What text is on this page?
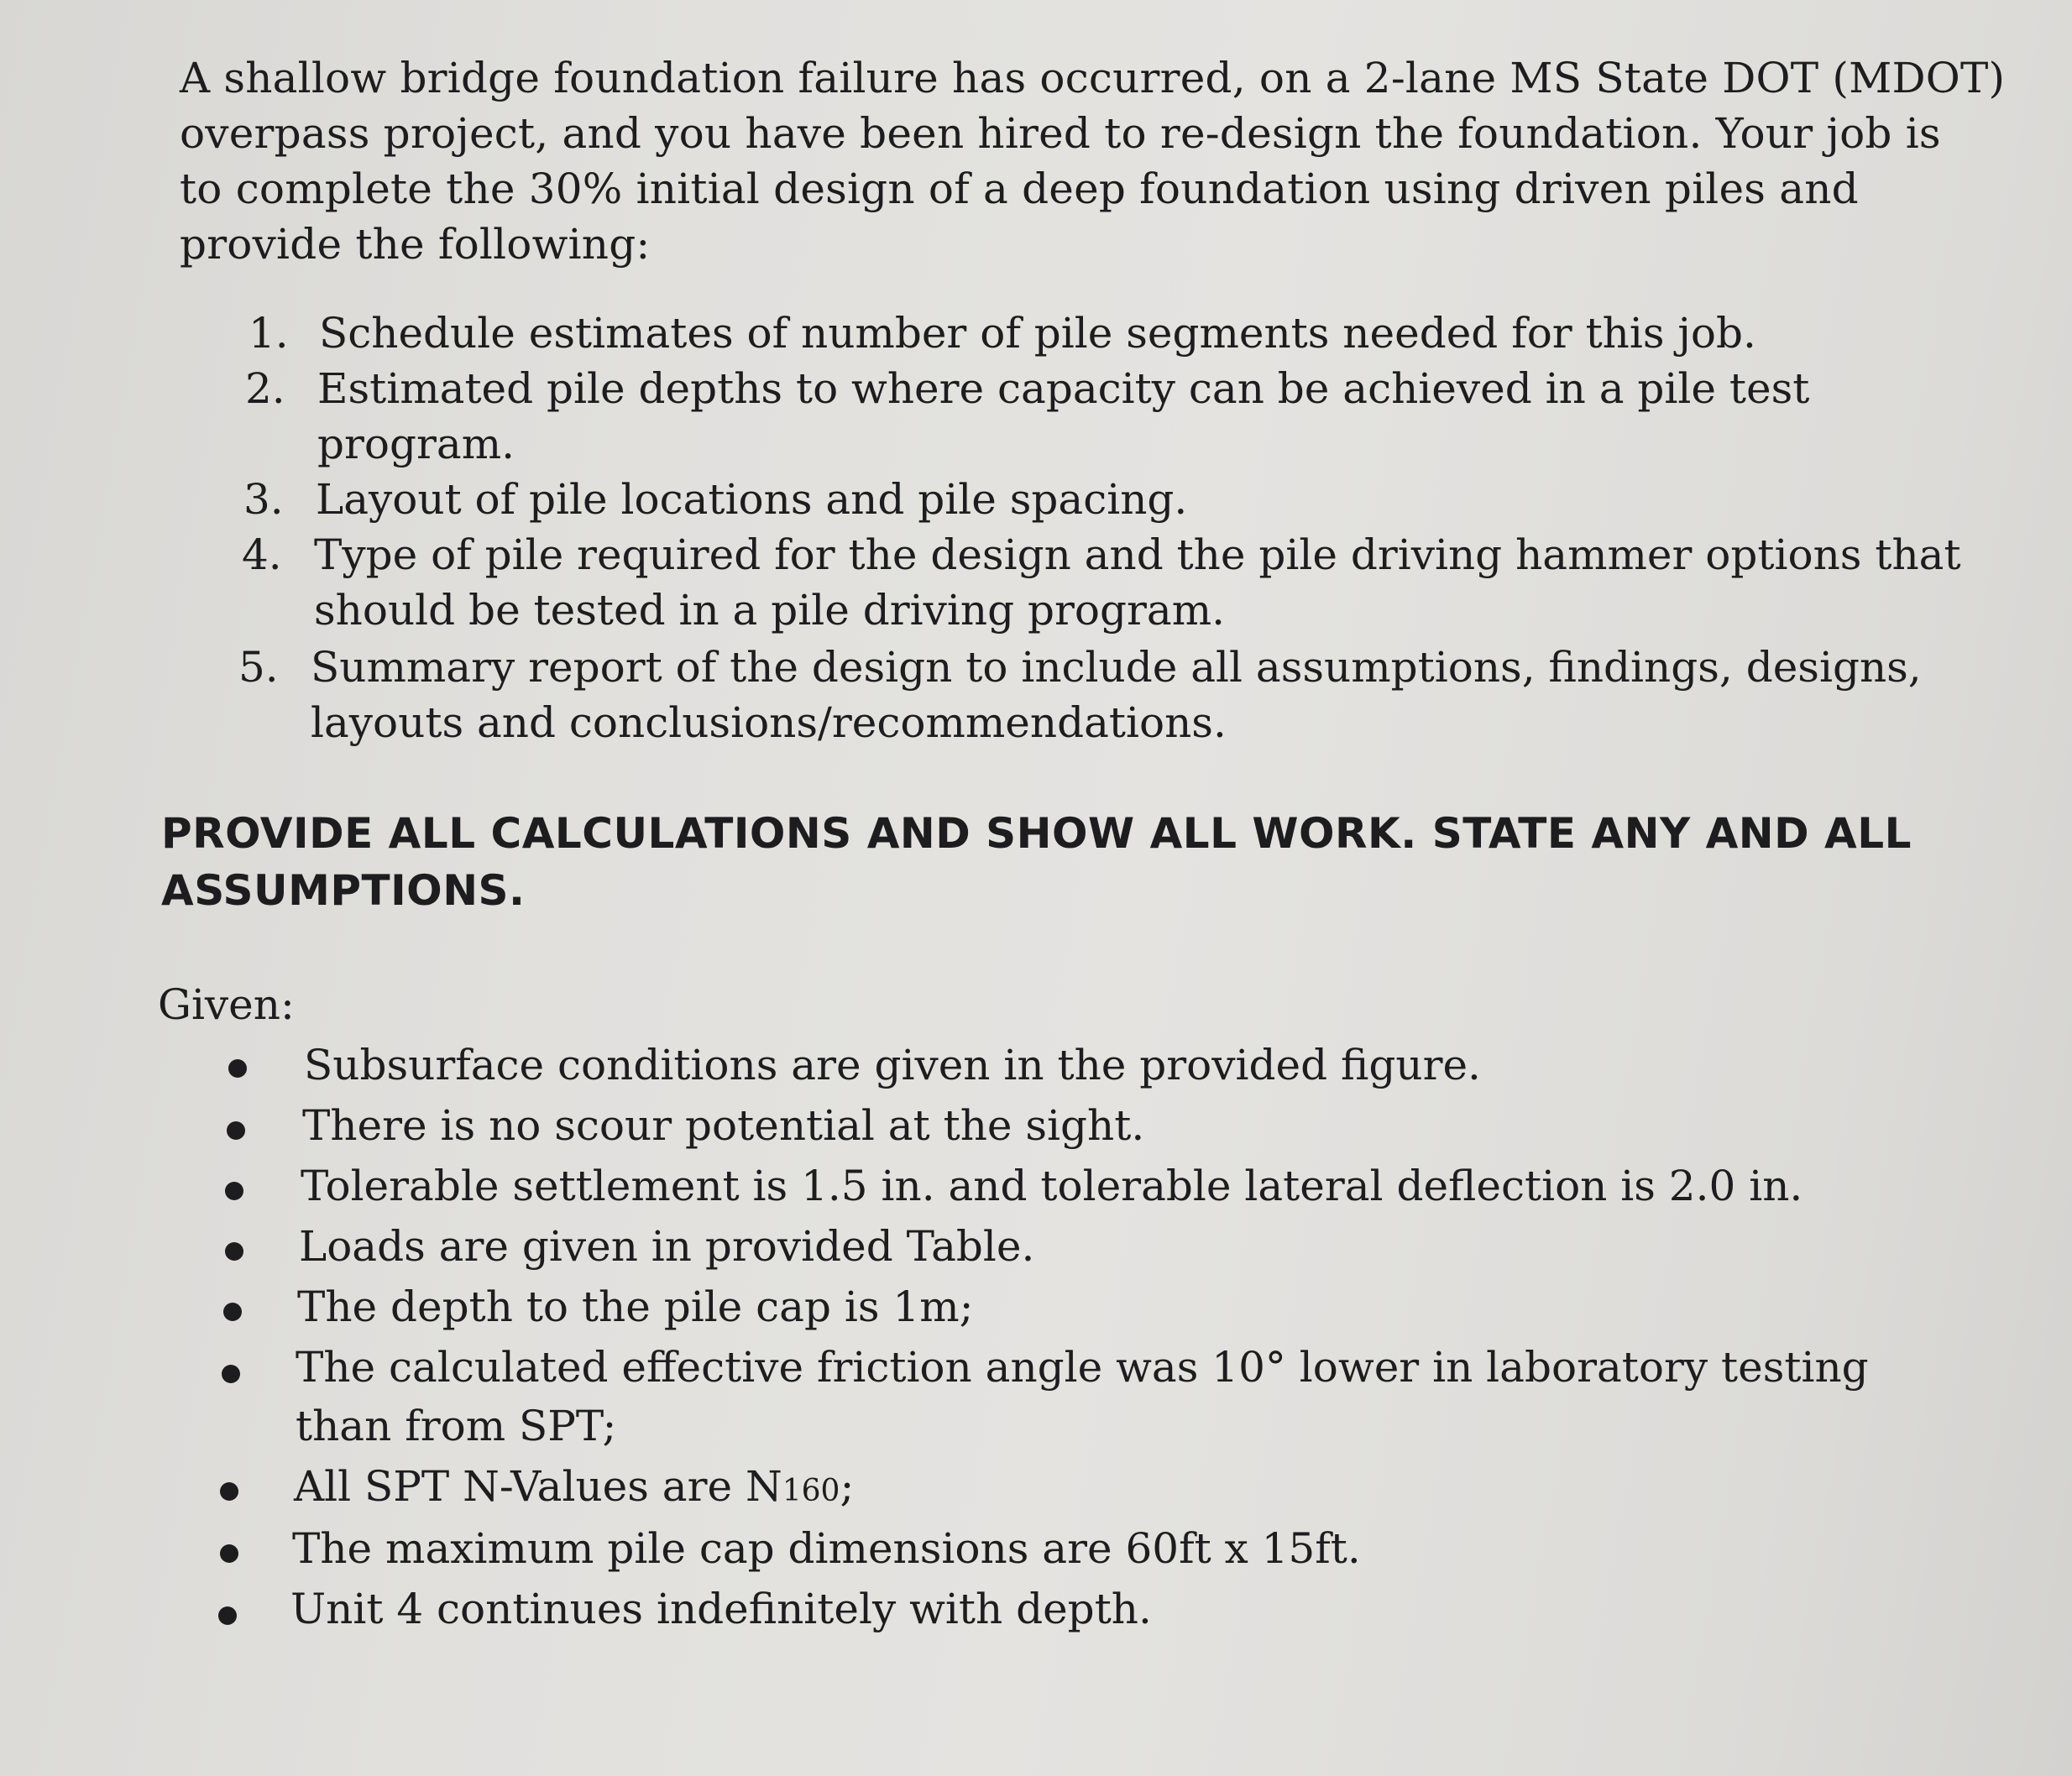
A shallow bridge foundation failure has occurred, on a 2-lane MS State DOT (MDOT)
overpass project, and you have been hired to re-design the foundation. Your job is
to complete the 30% initial design of a deep foundation using driven piles and
provide the following:
1. Schedule estimates of number of pile segments needed for this job.
2. Estimated pile depths to where capacity can be achieved in a pile test
program.
3. Layout of pile locations and pile spacing.
4. Type of pile required for the design and the pile driving hammer options that
should be tested in a pile driving program.
5. Summary report of the design to include all assumptions, findings, designs,
layouts and conclusions/recommendations.
PROVIDE ALL CALCULATIONS AND SHOW ALL WORK. STATE ANY AND ALL
ASSUMPTIONS.
Given:
Subsurface conditions are given in the provided figure.
There is no scour potential at the sight.
Tolerable settlement is 1.5 in. and tolerable lateral deflection is 2.0 in.
Loads are given in provided Table.
The depth to the pile cap is 1m;
The calculated effective friction angle was 10° lower in laboratory testing
than from SPT;
All SPT N-Values are N160;
The maximum pile cap dimensions are 60ft x 15ft.
Unit 4 continues indefinitely with depth.
